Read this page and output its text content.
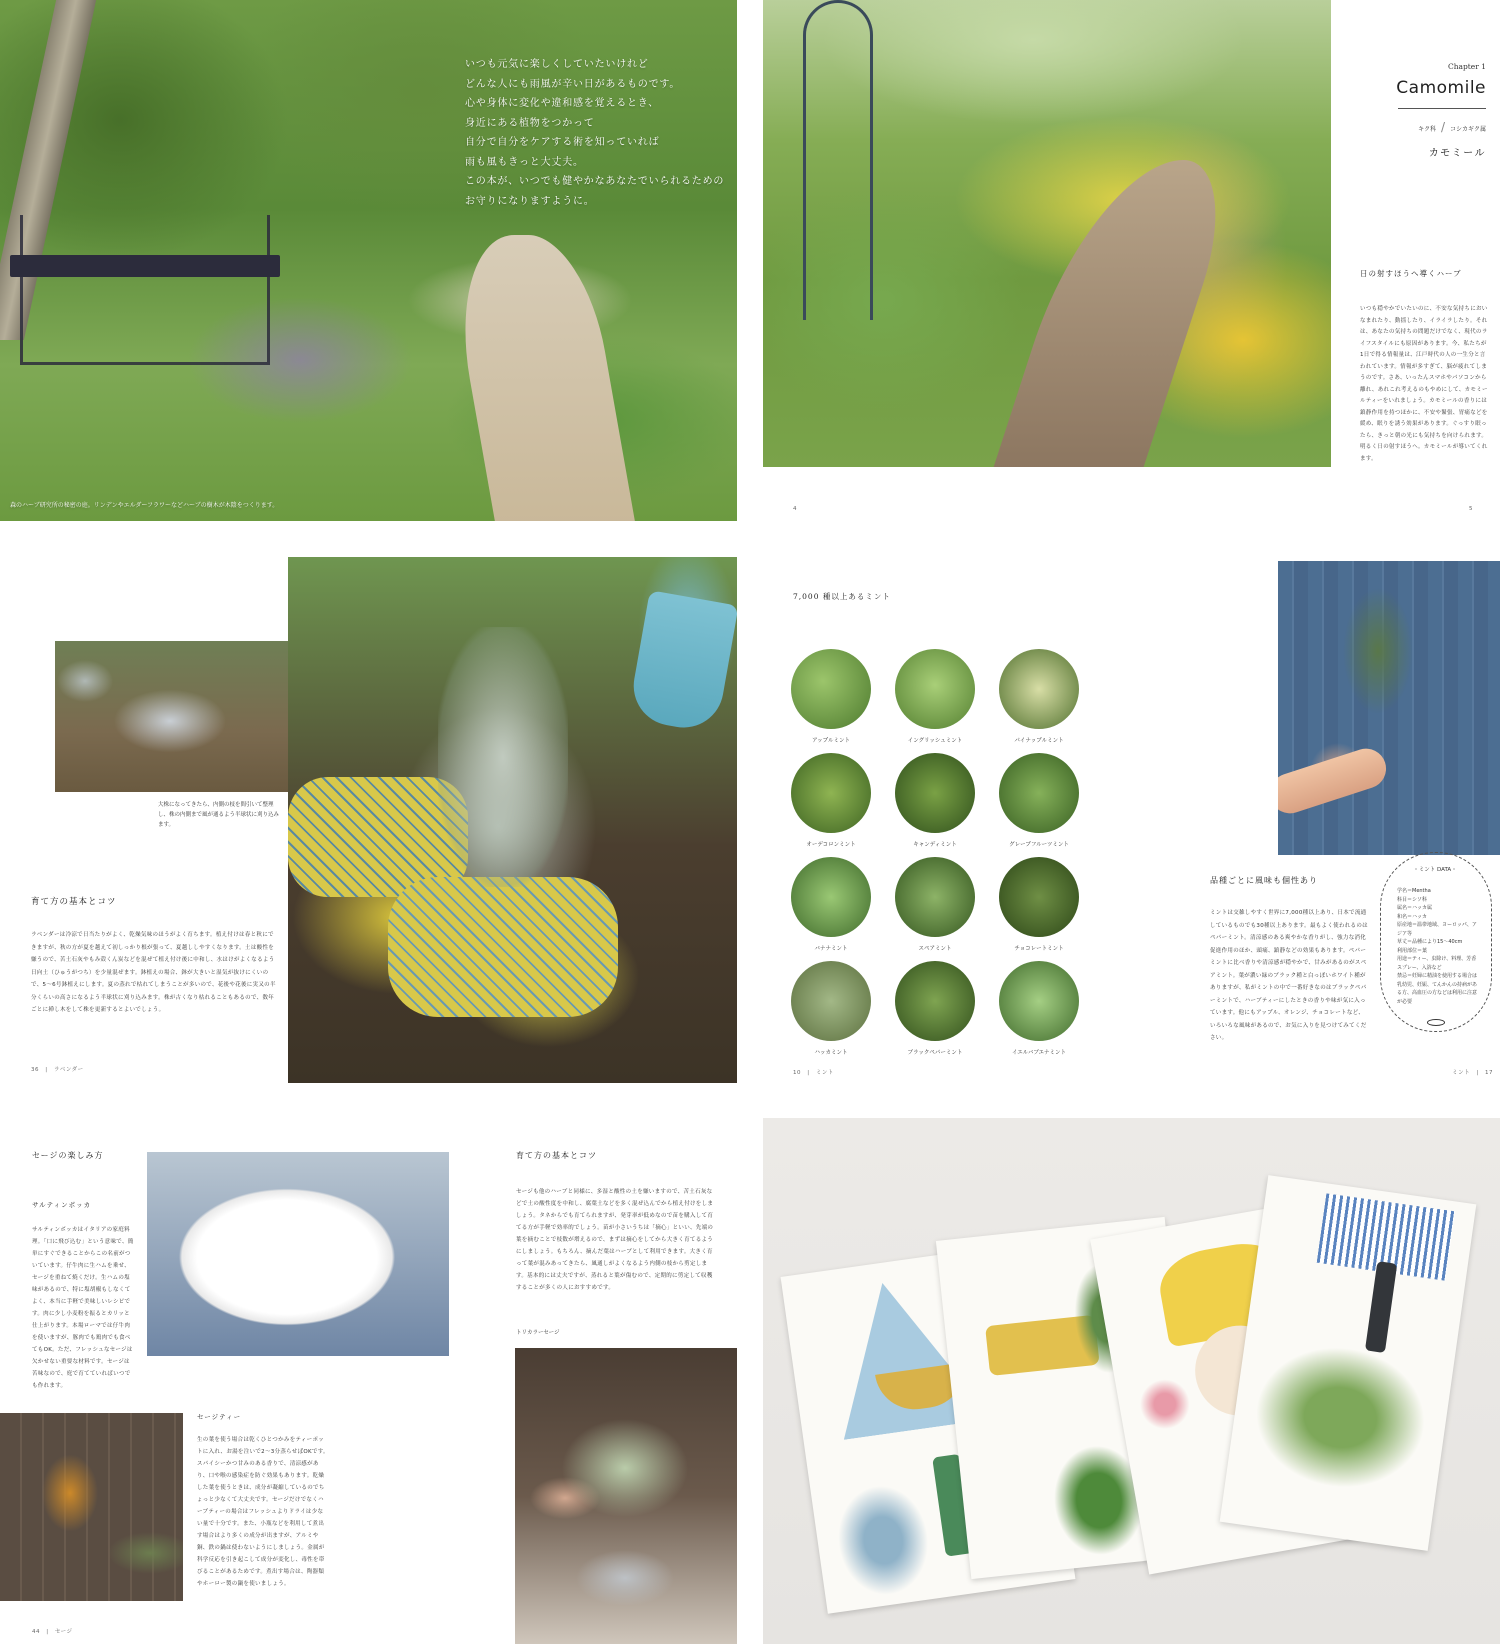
いつも元気に楽しくしていたいけれど
どんな人にも雨風が辛い日があるものです。
心や身体に変化や違和感を覚えるとき、
身近にある植物をつかって
自分で自分をケアする術を知っていれば
雨も風もきっと大丈夫。
この本が、いつでも健やかなあなたでいられるための
お守りになりますように。
森のハーブ研究所の秘密の庭。リンデンやエルダーフラワーなどハーブの樹木が木陰をつくります。
Chapter 1
Camomile
キク科 / コシカギク属
カモミール
日の射すほうへ導くハーブ
いつも穏やかでいたいのに、不安な気持ちにおいなまれたり、動揺したり、イライラしたり。それは、あなたの気持ちの問題だけでなく、現代のライフスタイルにも原因があります。今、私たちが1日で得る情報量は、江戸時代の人の一生分と言われています。情報が多すぎて、脳が疲れてしまうのです。さあ、いったんスマホやパソコンから離れ、あれこれ考えるのもやめにして、カモミールティーをいれましょう。カモミールの香りには鎮静作用を持つほかに、不安や緊張、胃痛などを緩め、眠りを誘う効果があります。ぐっすり眠ったら、きっと朝の光にも気持ちを向けられます。明るく日の射すほうへ。カモミールが導いてくれます。
4	5
大株になってきたら、内側の枝を間引いて整理し、株の内側まで風が通るよう半球状に刈り込みます。
育て方の基本とコツ
ラベンダーは冷涼で日当たりがよく、乾燥気味のほうがよく育ちます。植え付けは春と秋にできますが、秋の方が夏を越えて初しっかり根が張って、夏越ししやすくなります。土は酸性を嫌うので、苦土石灰やもみ殻くん炭などを混ぜて植え付け後に中和し、水はけがよくなるよう日向土（ひゅうがつち）を少量混ぜます。鉢植えの場合、鉢が大きいと湿気が抜けにくいので、5〜6号鉢植えにします。夏の蒸れで枯れてしまうことが多いので、花後や花後に実又の半分くらいの高さになるよう半球状に刈り込みます。株が古くなり枯れることもあるので、数年ごとに挿し木をして株を更新するとよいでしょう。
36 | ラベンダー
7,000 種以上あるミント
アップルミント	イングリッシュミント	パイナップルミント
オーデコロンミント	キャンディミント	グレープフルーツミント
バナナミント	スペアミント	チョコレートミント
ハッカミント	ブラックペパーミント	イエルバブエナミント
品種ごとに風味も個性あり
ミントは交雑しやすく世界に7,000種以上あり、日本で流通しているものでも30種以上あります。最もよく使われるのはペパーミント。清涼感のある爽やかな香りがし、強力な消化促進作用のほか、頭痛、鎮静などの効果もあります。ペパーミントに比べ香りや清涼感が穏やかで、甘みがあるのがスペアミント。葉が濃い緑のブラック種と白っぽいホワイト種がありますが、私がミントの中で一番好きなのはブラックペパーミントで、ハーブティーにしたときの香りや味が気に入っています。他にもアップル、オレンジ、チョコレートなど、いろいろな風味があるので、お気に入りを見つけてみてください。
・ミント DATA・
学名＝Mentha
科目＝シソ科
属名＝ハッカ属
和名＝ハッカ
原産地＝温帯地域、ヨーロッパ、アジア等
草丈＝品種により15〜40cm
利用部位＝葉
用途＝ティー、虫除け、料理、芳香スプレー、入浴など
禁忌＝妊婦に精油を使用する場合は乳幼児、妊娠、てんかんの持病がある方、高血圧の方などは利用に注意が必要
10 | ミント	ミント | 17
セージの楽しみ方
サルティンボッカ
サルティンボッカはイタリアの家庭料理。「口に飛び込む」という意味で、簡単にすぐできることからこの名前がついています。仔牛肉に生ハムを乗せ、セージを重ねて焼くだけ。生ハムの塩味があるので、特に塩胡椒もしなくてよく、本当に手軽で美味しいレシピです。肉に少し小麦粉を振るとカリッと仕上がります。本場ローマでは仔牛肉を使いますが、豚肉でも鶏肉でも食べてもOK。ただ、フレッシュなセージは欠かせない重要な材料です。セージは苦味なので、庭で育てていればいつでも作れます。
セージティー
生の葉を使う場合は乾くひとつかみをティーポットに入れ、お湯を注いで2〜3分蒸らせばOKです。スパイシーかつ甘みのある香りで、清涼感があり、口や喉の感染症を防ぐ効果もあります。乾燥した葉を使うときは、成分が凝縮しているのでちょっと少なくて大丈夫です。セージだけでなくハーブティーの場合はフレッシュよりドライは少ない量で十分です。また、小瓶などを利用して煮出す場合はより多くの成分が出ますが、アルミや銅、鉄の鍋は使わないようにしましょう。金属が科学反応を引き起こして成分が変化し、毒性を帯びることがあるためです。煮出す場合は、陶器類やホーロー製の鍋を使いましょう。
育て方の基本とコツ
セージも他のハーブと同様に、多湿と酸性の土を嫌いますので、苦土石灰などで土の酸性度を中和し、腐葉土などを多く混ぜ込んでから植え付けをしましょう。タネからでも育てられますが、発芽率が低めなので苗を購入して育てる方が手軽で効率的でしょう。苗が小さいうちは「摘心」といい、先端の葉を摘むことで枝数が増えるので、まずは摘心をしてから大きく育てるようにしましょう。もちろん、摘んだ葉はハーブとして利用できます。大きく育って葉が混みあってきたら、風通しがよくなるよう内側の枝から剪定します。基本的には丈夫ですが、蒸れると葉が傷むので、定期的に剪定して収穫することが多くの人におすすめです。
トリカラーセージ
44 | セージ
